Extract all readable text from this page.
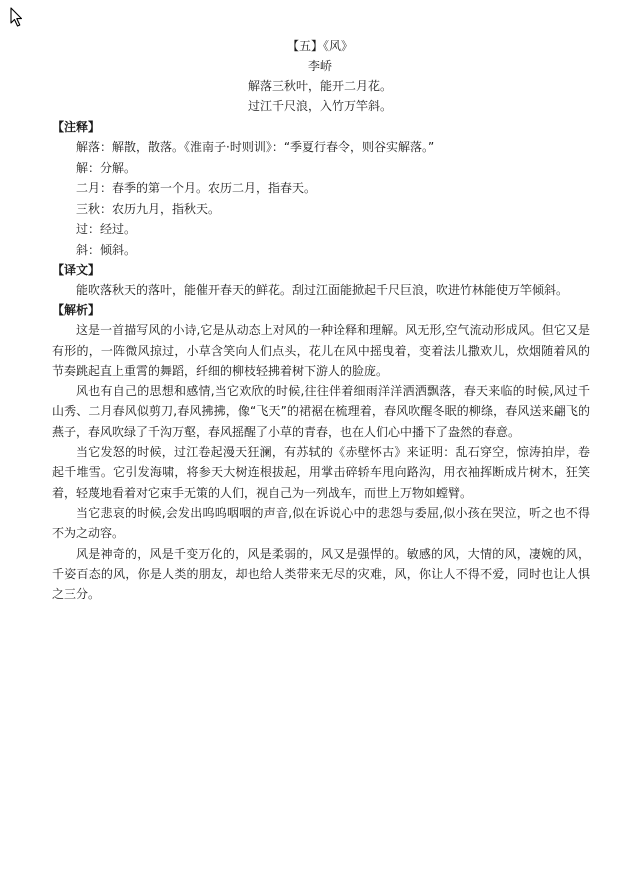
【五】《风》
李峤
解落三秋叶，能开二月花。
过江千尺浪，入竹万竿斜。
【注释】
解落：解散，散落。《淮南子·时则训》：“季夏行春令，则谷实解落。”
解：分解。
二月：春季的第一个月。农历二月，指春天。
三秋：农历九月，指秋天。
过：经过。
斜：倾斜。
【译文】

能吹落秋天的落叶，能催开春天的鲜花。刮过江面能掀起千尺巨浪，吹进竹林能使万竿倾斜。

【解析】

这是一首描写风的小诗,它是从动态上对风的一种诠释和理解。风无形,空气流动形成风。但它又是有形的，一阵微风掠过，小草含笑向人们点头，花儿在风中摇曳着，变着法儿撒欢儿，炊烟随着风的节奏跳起直上重霄的舞蹈，纤细的柳枝轻拂着树下游人的脸庞。

风也有自己的思想和感情,当它欢欣的时候,往往伴着细雨洋洋洒洒飘落，春天来临的时候,风过千山秀、二月春风似剪刀,春风拂拂，像“飞天”的裙裾在梳理着，春风吹醒冬眠的柳绦，春风送来翩飞的燕子，春风吹绿了千沟万壑，春风摇醒了小草的青春，也在人们心中播下了盎然的春意。

当它发怒的时候，过江卷起漫天狂澜，有苏轼的《赤壁怀古》来证明：乱石穿空，惊涛拍岸，卷起千堆雪。它引发海啸，将参天大树连根拔起，用掌击碎轿车甩向路沟，用衣袖挥断成片树木，狂笑着，轻蔑地看着对它束手无策的人们，视自己为一列战车，而世上万物如螳臂。

当它悲哀的时候,会发出呜呜咽咽的声音,似在诉说心中的悲怨与委屈,似小孩在哭泣，听之也不得不为之动容。

风是神奇的，风是千变万化的，风是柔弱的，风又是强悍的。敏感的风，大情的风，凄婉的风，千姿百态的风，你是人类的朋友，却也给人类带来无尽的灾难，风，你让人不得不爱，同时也让人惧之三分。
